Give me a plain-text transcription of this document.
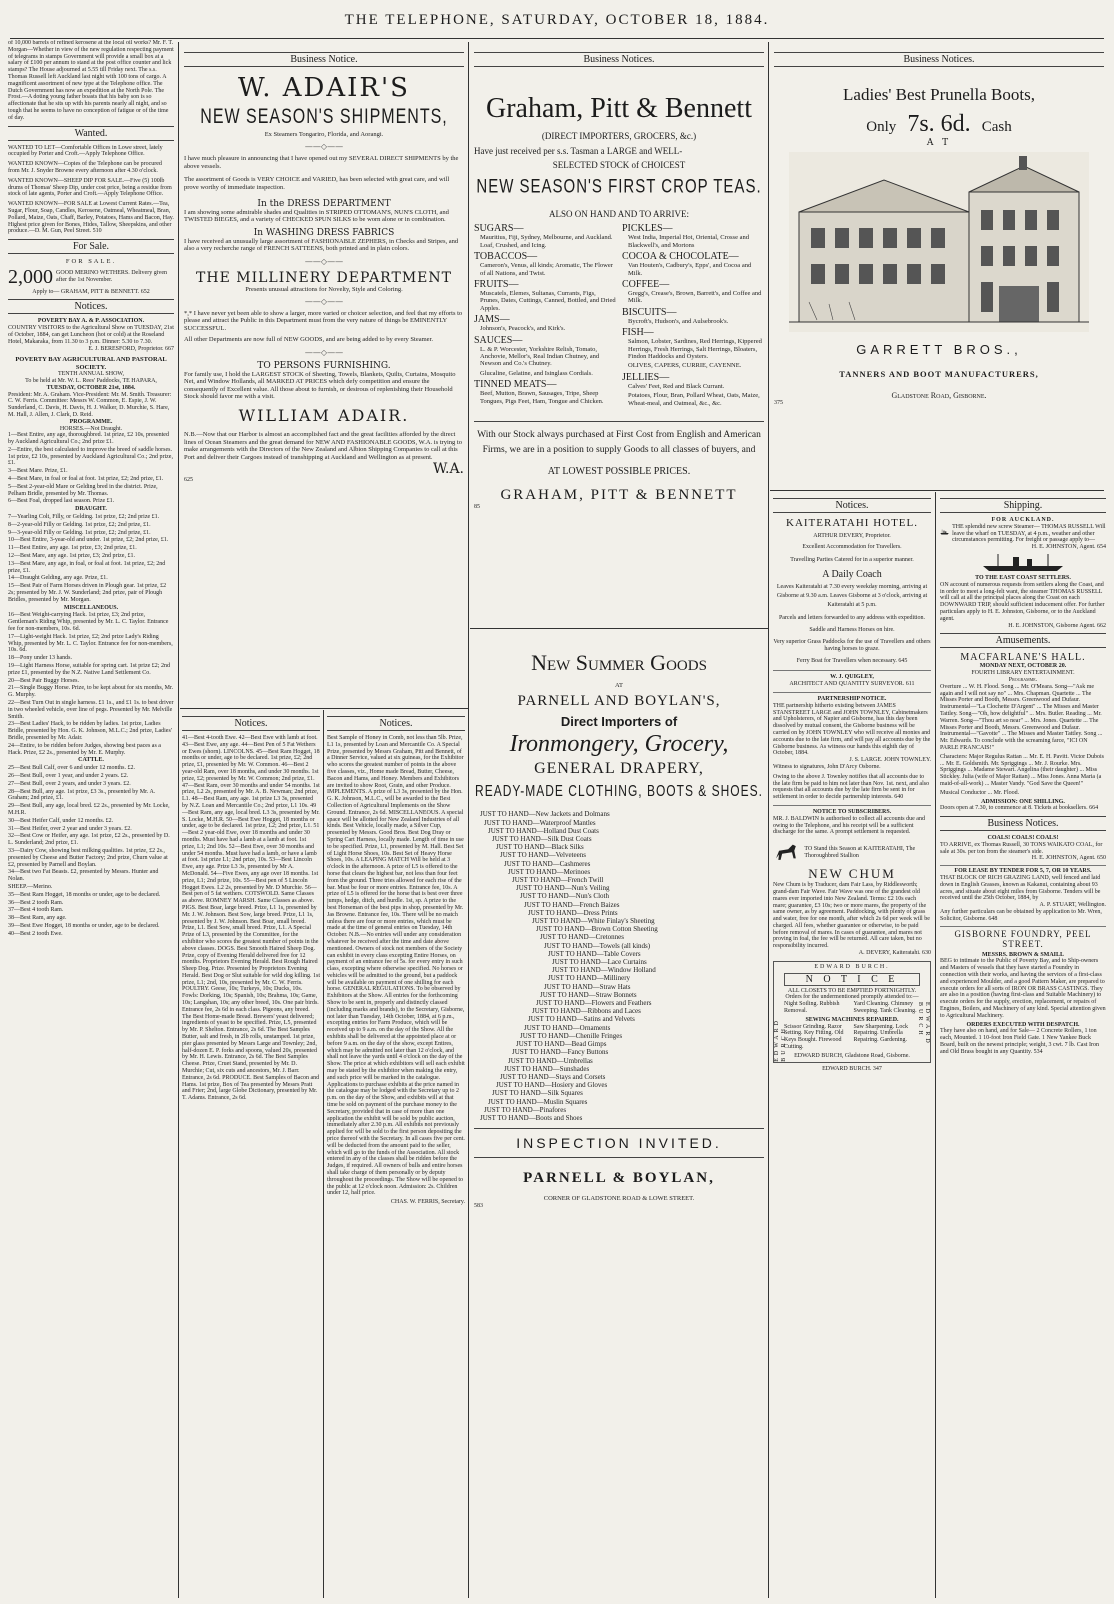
THE TELEPHONE, SATURDAY, OCTOBER 18, 1884.
of 10,000 barrels of refined kerosene at the local oil works? Mr. F. T. Morgan—Whether in view of the new regulation respecting payment of telegrams in stamps Government will provide a small box at a salary of £100 per annum to stand at the post office counter and lick stamps? The House adjourned at 5.55 till Friday next. The s.s. Thomas Russell left Auckland last night with 100 tons of cargo. A magnificent assortment of new type at the Telephone office. The Dutch Government has now an expedition at the North Pole. The Frost.—A doting young father boasts that his baby son is so affectionate that he sits up with his parents nearly all night, and so tough that he seems to have no conception of fatigue or of the time of day.
Wanted.

WANTED TO LET—Comfortable Offices in Lowe street, lately occupied by Porter and Croft.—Apply Telephone Office.

WANTED KNOWN—Copies of the Telephone can be procured from Mr. J. Snyder Browne every afternoon after 4.30 o'clock.

WANTED KNOWN—SHEEP DIP FOR SALE.—Five (5) 100lb drums of Thomas' Sheep Dip, under cost price, being a residue from stock of late agents, Porter and Croft.—Apply Telephone Office.

WANTED KNOWN—FOR SALE at Lowest Current Rates.—Tea, Sugar, Flour, Soap, Candles, Kerosene, Oatmeal, Wheatmeal, Bran, Pollard, Maize, Oats, Chaff, Barley, Potatoes, Hams and Bacon, Hay. Highest price given for Bones, Hides, Tallow, Sheepskins, and other produce.—D. M. Gun, Peel Street. 510

For Sale.
FOR SALE.
2,000 GOOD MERINO WETHERS. Delivery given after the 1st November.
Apply to— GRAHAM, PITT & BENNETT. 652
Notices.
POVERTY BAY A. & P. ASSOCIATION.
COUNTRY VISITORS to the Agricultural Show on TUESDAY, 21st of October, 1884, can get Luncheon (hot or cold) at the Roseland Hotel, Makaraka, from 11.30 to 3 p.m. Dinner: 5.30 to 7.30.
E. J. BERESFORD, Proprietor. 667
POVERTY BAY AGRICULTURAL AND PASTORAL SOCIETY.
TENTH ANNUAL SHOW,
To be held at Mr. W. L. Rees' Paddocks, TE HAPARA,
TUESDAY, OCTOBER 21st, 1884.
President: Mr. A. Graham. Vice-President: Mr. M. Smith. Treasurer: C. W. Ferris. Committee: Messrs W. Common, E. Espie, J. W. Sunderland, C. Davis, H. Davis, H. J. Walker, D. Murchie, S. Hare, M. Hall, J. Allen, J. Clark, D. Reid.
PROGRAMME.
HORSES.—Not Draught.

1—Best Entire, any age, thoroughbred. 1st prize, £2 10s, presented by Auckland Agricultural Co.; 2nd prize £1.

2—Entire, the best calculated to improve the breed of saddle horses. 1st prize, £2 10s, presented by Auckland Agricultural Co.; 2nd prize, £1.

3—Best Mare. Prize, £1.

4—Best Mare, in foal or foal at foot. 1st prize, £2; 2nd prize, £1.

5—Best 2-year-old Mare or Gelding bred in the district. Prize, Pelham Bridle, presented by Mr. Thomas.

6—Best Foal, dropped last season. Prize £1.

DRAUGHT.

7—Yearling Colt, Filly, or Gelding. 1st prize, £2; 2nd prize £1.

8—2-year-old Filly or Gelding. 1st prize, £2; 2nd prize, £1.

9—3-year-old Filly or Gelding. 1st prize, £2; 2nd prize, £1.

10—Best Entire, 3-year-old and under. 1st prize, £2; 2nd prize, £1.

11—Best Entire, any age. 1st prize, £3; 2nd prize, £1.

12—Best Mare, any age. 1st prize, £3; 2nd prize, £1.

13—Best Mare, any age, in foal, or foal at foot. 1st prize, £2; 2nd prize, £1.

14—Draught Gelding, any age. Prize, £1.

15—Best Pair of Farm Horses driven in Plough gear. 1st prize, £2 2s; presented by Mr. J. W. Sunderland; 2nd prize, pair of Plough Bridles, presented by Mr. Morgan.

MISCELLANEOUS.

16—Best Weight-carrying Hack. 1st prize, £3; 2nd prize, Gentleman's Riding Whip, presented by Mr. L. C. Taylor. Entrance fee for non-members, 10s. 6d.

17—Light-weight Hack. 1st prize, £2; 2nd prize Lady's Riding Whip, presented by Mr. L. C. Taylor. Entrance fee for non-members, 10s. 6d.

18—Pony under 13 hands.

19—Light Harness Horse, suitable for spring cart. 1st prize £2; 2nd prize £1, presented by the N.Z. Native Land Settlement Co.

20—Best Pair Buggy Horses.

21—Single Buggy Horse. Prize, to be kept about for six months, Mr. G. Murphy.

22—Best Turn Out in single harness. £1 1s., and £1 1s. to best driver in two wheeled vehicle, over line of pegs. Presented by Mr. Melville Smith.

23—Best Ladies' Hack, to be ridden by ladies. 1st prize, Ladies Bridle, presented by Hon. G. K. Johnson, M.L.C.; 2nd prize, Ladies' Bridle, presented by Mr. Adair.

24—Entire, to be ridden before Judges, showing best paces as a Hack. Prize, £2 2s., presented by Mr. E. Murphy.

CATTLE.

25—Best Bull Calf, over 6 and under 12 months. £2.

26—Best Bull, over 1 year, and under 2 years. £2.

27—Best Bull, over 2 years, and under 3 years. £2.

28—Best Bull, any age. 1st prize, £3 3s., presented by Mr. A. Graham; 2nd prize, £1.

29—Best Bull, any age, local bred. £2 2s., presented by Mr. Locke, M.H.R.

30—Best Heifer Calf, under 12 months. £2.

31—Best Heifer, over 2 year and under 3 years. £2.

32—Best Cow or Heifer, any age. 1st prize, £2 2s., presented by D. L. Sunderland; 2nd prize, £1.

33—Dairy Cow, showing best milking qualities. 1st prize, £2 2s., presented by Cheese and Butter Factory; 2nd prize, Churn value at £2, presented by Parnell and Boylan.

34—Best two Fat Beasts. £2, presented by Messrs. Hunter and Nolan.

SHEEP.—Merino.

35—Best Ram Hogget, 18 months or under, age to be declared.

36—Best 2 tooth Ram.

37—Best 4 tooth Ram.

38—Best Ram, any age.

39—Best Ewe Hogget, 18 months or under, age to be declared.

40—Best 2 tooth Ewe.

Business Notice.
W. ADAIR'S
NEW SEASON'S SHIPMENTS,
Ex Steamers Tongariro, Florida, and Aorangi.
——◇——
I have much pleasure in announcing that I have opened out my SEVERAL DIRECT SHIPMENTS by the above vessels.
The assortment of Goods is VERY CHOICE and VARIED, has been selected with great care, and will prove worthy of immediate inspection.
In the DRESS DEPARTMENT
I am showing some admirable shades and Qualities in STRIPED OTTOMAN'S, NUN'S CLOTH, and TWISTED BIEGES, and a variety of CHECKED SPUN SILKS to be worn alone or in combination.
In WASHING DRESS FABRICS
I have received an unusually large assortment of FASHIONABLE ZEPHERS, in Checks and Stripes, and also a very recherche range of FRENCH SATTEENS, both printed and in plain colors.
——◇——
THE MILLINERY DEPARTMENT
Presents unusual attractions for Novelty, Style and Coloring.
——◇——
*,* I have never yet been able to show a larger, more varied or choicer selection, and feel that my efforts to please and attract the Public in this Department must from the very nature of things be EMINENTLY SUCCESSFUL.
All other Departments are now full of NEW GOODS, and are being added to by every Steamer.
——◇——
TO PERSONS FURNISHING.
For family use, I hold the LARGEST STOCK of Sheeting, Towels, Blankets, Quilts, Curtains, Mosquito Net, and Window Hollands, all MARKED AT PRICES which defy competition and ensure the consequently of Excellent value. All those about to furnish, or desirous of replenishing their Household Stock should favor me with a visit.
WILLIAM ADAIR.
N.B.—Now that our Harbor is almost an accomplished fact and the great facilities afforded by the direct lines of Ocean Steamers and the great demand for NEW AND FASHIONABLE GOODS, W.A. is trying to make arrangements with the Directors of the New Zealand and Albion Shipping Companies to call at this Port and deliver their Cargoes instead of transhipping at Auckland and Wellington as at present.
W.A.
625
Notices.
41—Best 4-tooth Ewe. 42—Best Ewe with lamb at foot. 43—Best Ewe, any age. 44—Best Pen of 5 Fat Wethers or Ewes (shorn). LINCOLNS. 45—Best Ram Hogget, 18 months or under, age to be declared. 1st prize, £2; 2nd prize, £1, presented by Mr. W. Common. 46—Best 2 year-old Ram, over 18 months, and under 30 months. 1st prize, £2; presented by Mr. W. Common; 2nd prize, £1. 47—Best Ram, over 30 months and under 54 months. 1st prize, L2 2s, presented by Mr. A. B. Newman; 2nd prize, L1. 48—Best Ram, any age. 1st prize L3 3s, presented by N.Z. Loan and Mercantile Co.; 2nd prize, L1 10s. 49—Best Ram, any age, local bred. L3 3s, presented by Mr. S. Locke, M.H.R. 50—Best Ewe Hogget, 18 months or under, age to be declared. 1st prize, L2; 2nd prize, L1. 51—Best 2 year-old Ewe, over 18 months and under 30 months. Must have had a lamb at a lamb at foot. 1st prize, L1; 2nd 10s. 52—Best Ewe, over 30 months and under 54 months. Must have had a lamb, or have a lamb at foot. 1st prize L1; 2nd prize, 10s. 53—Best Lincoln Ewe, any age. Prize L3 3s, presented by Mr A. McDonald. 54—Five Ewes, any age over 18 months. 1st prize, L1; 2nd prize, 10s. 55—Best pen of 5 Lincoln Hogget Ewes. L2 2s, presented by Mr. D Murchie. 56—Best pen of 5 fat wethers. COTSWOLD. Same Classes as above. ROMNEY MARSH. Same Classes as above. PIGS. Best Boar, large breed. Prize, L1 1s, presented by Mr. J. W. Johnson. Best Sow, large breed. Prize, L1 1s, presented by J. W. Johnson. Best Boar, small breed. Prize, L1. Best Sow, small breed. Prize, L1. A Special Prize of L3, presented by the Committee, for the exhibitor who scores the greatest number of points in the above classes. DOGS. Best Smooth Haired Sheep Dog. Prize, copy of Evening Herald delivered free for 12 months. Proprietors Evening Herald. Best Rough Haired Sheep Dog. Prize. Presented by Proprietors Evening Herald. Best Dog or Slut suitable for wild dog killing. 1st prize, L1; 2nd, 10s, presented by Mr. C. W. Ferris. POULTRY. Geese, 10s; Turkeys, 10s; Ducks, 10s. Fowls: Dorking, 10s; Spanish, 10s; Brahma, 10s; Game, 10s; Langshan, 10s; any other breed, 10s. One pair birds. Entrance fee, 2s 6d in each class. Pigeons, any breed. The Best Home-made Bread. Brewers' yeast delivered; ingredients of yeast to be specified. Prize, L5, presented by Mr. P. Shelton. Entrance, 2s 6d. The Best Samples Butter, salt and fresh, in 2lb rolls, unstamped. 1st prize, pier glass presented by Messrs Large and Townley; 2nd, half-dozen E. P. forks and spoons, valued 20s, presented by Mr. H. Lewis. Entrance, 2s 6d. The Best Samples Cheese. Prize, Cruet Stand, presented by Mr. D. Murchie; Cut, six cuts and ancestors, Mr. J. Barr. Entrance, 2s 6d. PRODUCE. Best Samples of Bacon and Hams. 1st prize, Box of Tea presented by Messrs Pratt and Frier; 2nd, large Globe Dictionary, presented by Mr. T. Adams. Entrance, 2s 6d.
Notices.
Best Sample of Honey in Comb, not less than 5lb. Prize, L1 1s, presented by Loan and Mercantile Co. A Special Prize, presented by Messrs Graham, Pitt and Bennett, of a Dinner Service, valued at six guineas, for the Exhibitor who scores the greatest number of points in the above five classes, viz., Home made Bread, Butter, Cheese, Bacon and Hams, and Honey. Members and Exhibitors are invited to show Root, Grain, and other Produce. IMPLEMENTS. A prize of L3 3s, presented by the Hon. G. K. Johnson, M.L.C., will be awarded to the Best Collection of Agricultural Implements on the Show Ground. Entrance, 2s 6d. MISCELLANEOUS. A special space will be allotted for New Zealand Industries of all kinds. Best Vehicle, locally made, a Silver Cup, presented by Messrs. Good Bros. Best Dog Dray or Spring Cart Harness, locally made. Length of time in use to be specified. Prize, L1, presented by M. Hall. Best Set of Light Horse Shoes, 10s. Best Set of Heavy Horse Shoes, 10s. A LEAPING MATCH Will be held at 3 o'clock in the afternoon. A prize of L5 is offered to the horse that clears the highest bar, not less than four feet from the ground. Three tries allowed for each rise of the bar. Must be four or more entries. Entrance fee, 10s. A prize of L5 is offered for the horse that is best over three jumps, hedge, ditch, and hurdle. 1st, sp. A prize to the best Horseman of the best pips in shop, presented by Mr. Jas Browne. Entrance fee, 10s. There will be no match unless there are four or more entries, which must be made at the time of general entries on Tuesday, 14th October. N.B.—No entries will under any consideration whatever be received after the time and date above mentioned. Owners of stock not members of the Society can exhibit in every class excepting Entire Horses, on payment of an entrance fee of 5s. for every entry in such class, excepting where otherwise specified. No horses or vehicles will be admitted to the ground, but a paddock will be available on payment of one shilling for each horse. GENERAL REGULATIONS. To be observed by Exhibitors at the Show. All entries for the forthcoming Show to be sent in, properly and distinctly classed (including marks and brands), to the Secretary, Gisborne, not later than Tuesday, 14th October, 1884, at 6 p.m., excepting entries for Farm Produce, which will be received up to 9 a.m. on the day of the Show. All the exhibits shall be delivered at the appointed place at or before 9 a.m. on the day of the show, except Entires, which may be admitted not later than 12 o'clock, and shall not leave the yards until 4 o'clock on the day of the Show. The price at which exhibitors will sell each exhibit may be stated by the exhibitor when making the entry, and such price will be marked in the catalogue. Applications to purchase exhibits at the price named in the catalogue may be lodged with the Secretary up to 2 p.m. on the day of the Show, and exhibits will at that time be sold on payment of the purchase money to the Secretary, provided that in case of more than one application the exhibit will be sold by public auction, immediately after 2.30 p.m. All exhibits not previously applied for will be sold to the first person depositing the price thereof with the Secretary. In all cases five per cent. will be deducted from the amount paid to the seller, which will go to the funds of the Association. All stock entered in any of the classes shall be ridden before the Judges, if required. All owners of bulls and entire horses shall take charge of them personally or by deputy throughout the proceedings. The Show will be opened to the public at 12 o'clock noon. Admission: 2s. Children under 12, half price.
CHAS. W. FERRIS, Secretary.
Business Notices.
Graham, Pitt & Bennett
(DIRECT IMPORTERS, GROCERS, &c.)
Have just received per s.s. Tasman a LARGE and WELL-
SELECTED STOCK of CHOICEST
NEW SEASON'S FIRST CROP TEAS.
ALSO ON HAND AND TO ARRIVE:
SUGARS—
Mauritius, Fiji, Sydney, Melbourne, and Auckland. Loaf, Crushed, and Icing.
TOBACCOS—
Cameron's, Venus, all kinds; Aromatic, The Flower of all Nations, and Twist.
FRUITS—
Muscatels, Elemes, Sultanas, Currants, Figs, Prunes, Dates, Cuttings, Canned, Bottled, and Dried Apples.
JAMS—
Johnson's, Peacock's, and Kirk's.
SAUCES—
L. & P. Worcester, Yorkshire Relish, Tomato, Anchovie, Mellor's, Real Indian Chutney, and Newson and Co.'s Chutney.
Glucaline, Gelatine, and Isinglass Cordials.
TINNED MEATS—
Beef, Mutton, Brawn, Sausages, Tripe, Sheep Tongues, Pigs Feet, Ham, Tongue and Chicken.
PICKLES—
West India, Imperial Hot, Oriental, Crosse and Blackwell's, and Mortons
COCOA & CHOCOLATE—
Van Houten's, Cadbury's, Epps', and Cocoa and Milk.
COFFEE—
Gregg's, Crease's, Brown, Barrett's, and Coffee and Milk.
BISCUITS—
Bycroft's, Hudson's, and Aulsebrook's.
FISH—
Salmon, Lobster, Sardines, Red Herrings, Kippered Herrings, Fresh Herrings, Salt Herrings, Bloaters, Findon Haddocks and Oysters.
OLIVES, CAPERS, CURRIE, CAYENNE.
JELLIES—
Calves' Feet, Red and Black Currant.
Potatoes, Flour, Bran, Pollard Wheat, Oats, Maize, Wheat-meal, and Oatmeal, &c., &c.
With our Stock always purchased at First Cost from English and American Firms, we are in a position to supply Goods to all classes of buyers, and
AT LOWEST POSSIBLE PRICES.
GRAHAM, PITT & BENNETT
85
New Summer Goods
AT
PARNELL AND BOYLAN'S,
Direct Importers of
Ironmongery, Grocery,
GENERAL DRAPERY,
READY-MADE CLOTHING, BOOTS & SHOES.
JUST TO HAND—New Jackets and Dolmans
JUST TO HAND—Waterproof Mantles
JUST TO HAND—Holland Dust Coats
JUST TO HAND—Silk Dust Coats
JUST TO HAND—Black Silks
JUST TO HAND—Velveteens
JUST TO HAND—Cashmeres
JUST TO HAND—Merinoes
JUST TO HAND—French Twill
JUST TO HAND—Nun's Veiling
JUST TO HAND—Nun's Cloth
JUST TO HAND—French Baizes
JUST TO HAND—Dress Prints
JUST TO HAND—White Finlay's Sheeting
JUST TO HAND—Brown Cotton Sheeting
JUST TO HAND—Cretonnes
JUST TO HAND—Towels (all kinds)
JUST TO HAND—Table Covers
JUST TO HAND—Lace Curtains
JUST TO HAND—Window Holland
JUST TO HAND—Millinery
JUST TO HAND—Straw Hats
JUST TO HAND—Straw Bonnets
JUST TO HAND—Flowers and Feathers
JUST TO HAND—Ribbons and Laces
JUST TO HAND—Satins and Velvets
JUST TO HAND—Ornaments
JUST TO HAND—Chenille Fringes
JUST TO HAND—Bead Gimps
JUST TO HAND—Fancy Buttons
JUST TO HAND—Umbrellas
JUST TO HAND—Sunshades
JUST TO HAND—Stays and Corsets
JUST TO HAND—Hosiery and Gloves
JUST TO HAND—Silk Squares
JUST TO HAND—Muslin Squares
JUST TO HAND—Pinafores
JUST TO HAND—Boots and Shoes
INSPECTION INVITED.
PARNELL & BOYLAN,
CORNER OF GLADSTONE ROAD & LOWE STREET.
583
Business Notices.
Ladies' Best Prunella Boots,
Only 7s. 6d. Cash
A T
GARRETT BROS.,
TANNERS AND BOOT MANUFACTURERS,
Gladstone Road, Gisborne.
375
Notices.
KAITERATAHI HOTEL.
ARTHUR DEVERY, Proprietor.
Excellent Accommodation for Travellers.
Travelling Parties Catered for in a superior manner.
A Daily Coach
Leaves Kaiteratahi at 7.30 every weekday morning, arriving at Gisborne at 9.30 a.m. Leaves Gisborne at 3 o'clock, arriving at Kaiteratahi at 5 p.m.
Parcels and letters forwarded to any address with expedition.
Saddle and Harness Horses on hire.
Very superior Grass Paddocks for the use of Travellers and others having horses to graze.
Ferry Boat for Travellers when necessary. 645
W. J. QUIGLEY,
ARCHITECT AND QUANTITY SURVEYOR. 611
PARTNERSHIP NOTICE.
THE partnership hitherto existing between JAMES STANSTREET LARGE and JOHN TOWNLEY, Cabinetmakers and Upholsterers, of Napier and Gisborne, has this day been dissolved by mutual consent, the Gisborne business will be carried on by JOHN TOWNLEY who will receive all monies and accounts due to the late firm, and will pay all accounts due by the Gisborne business. As witness our hands this eighth day of October, 1884.
J. S. LARGE. JOHN TOWNLEY.
Witness to signatures, John D'Arcy Osborne.
Owing to the above J. Townley notifies that all accounts due to the late firm be paid to him not later than Nov. 1st. next, and also requests that all accounts due by the late firm be sent in for settlement in order to decide partnership interests. 640
NOTICE TO SUBSCRIBERS.
MR. J. BALDWIN is authorised to collect all accounts due and owing to the Telephone, and his receipt will be a sufficient discharge for the same. A prompt settlement is requested.
TO Stand this Season at KAITERATAHI, The Thoroughbred Stallion
NEW CHUM
New Chum is by Traducer, dam Fair Lass, by Riddlesworth; grand-dam Fair Wave. Fair Wave was one of the grandest old mares ever imported into New Zealand. Terms: £2 10s each mare; guarantee, £3 10s; two or more mares, the property of the same owner, as by agreement. Paddocking, with plenty of grass and water, free for one month, after which 2s 6d per week will be charged. All fees, whether guarantee or otherwise, to be paid before removal of mares. In cases of guarantee, and mares not proving in foal, the fee will be returned. All care taken, but no responsibility incurred.
A. DEVERY, Kaiteratahi. 630
EDWARD BURCH.
N O T I C E
ALL CLOSETS TO BE EMPTIED FORTNIGHTLY.
Orders for the undermentioned promptly attended to:—
Night Soiling. Rubbish Removal.
Yard Cleaning. Chimney Sweeping. Tank Cleaning.
SEWING MACHINES REPAIRED.
Scissor Grinding. Razor Setting. Key Fitting. Old Keys Bought. Firewood Cutting.
Saw Sharpening. Lock Repairing. Umbrella Repairing. Gardening.
EDWARD BURCH, Gladstone Road, Gisborne.
EDWARD BURCH	EDWARD BURCH
EDWARD BURCH. 347
Shipping.
FOR AUCKLAND.
THE splendid new screw Steamer— THOMAS RUSSELL Will leave the wharf on TUESDAY, at 4 p.m., weather and other circumstances permitting. For freight or passage apply to—
H. E. JOHNSTON, Agent. 654
TO THE EAST COAST SETTLERS.
ON account of numerous requests from settlers along the Coast, and in order to meet a long-felt want, the steamer THOMAS RUSSELL will call at all the principal places along the Coast on each DOWNWARD TRIP, should sufficient inducement offer. For further particulars apply to H. E. Johnston, Gisborne, or to the Auckland agent.
H. E. JOHNSTON, Gisborne Agent. 662
Amusements.
MACFARLANE'S HALL.
MONDAY NEXT, OCTOBER 20.
FOURTH LIBRARY ENTERTAINMENT.
Programme.
Overture ... W. H. Flood. Song ... Mr. O'Meara. Song—"Ask me again and I will not say no" ... Mrs. Chapman. Quartette ... The Misses Porter and Booth, Messrs. Greenwood and Dufaur. Instrumental—"La Clochette D'Argent" ... The Misses and Master Tattley. Song—"Oh, how delightful" ... Mrs. Butler. Reading ... Mr. Warren. Song—"Thou art so near" ... Mrs. Jones. Quartette ... The Misses Porter and Booth, Messrs. Greenwood and Dufaur. Instrumental—"Gavotte" ... The Misses and Master Tattley. Song ... Mr. Edwards. To conclude with the screaming farce, "ICI ON PARLE FRANCAIS!"
Characters: Major Regulus Rattan ... Mr. E. H. Pavitt. Victor Dubois ... Mr. E. Goldsmith. Mr. Spriggings ... Mr. J. Rourke. Mrs. Spriggings ... Madame Stewart. Angelina (their daughter) ... Miss Stickley. Julia (wife of Major Rattan) ... Miss Jones. Anna Maria (a maid-of-all-work) ... Master Vandy. "God Save the Queen!"
Musical Conductor ... Mr. Flood.
ADMISSION: ONE SHILLING.
Doors open at 7.30, to commence at 8. Tickets at booksellers. 664
Business Notices.
COALS! COALS! COALS!
TO ARRIVE, ex Thomas Russell, 30 TONS WAIKATO COAL, for sale at 30s. per ton from the steamer's side.
H. E. JOHNSTON, Agent. 650
FOR LEASE BY TENDER FOR 5, 7, OR 10 YEARS.
THAT BLOCK OF RICH GRAZING LAND, well fenced and laid down in English Grasses, known as Kakanui, containing about 93 acres, and situate about eight miles from Gisborne. Tenders will be received until the 25th October, 1884, by
A. P. STUART, Wellington.
Any further particulars can be obtained by application to Mr. Wren, Solicitor, Gisborne. 648
GISBORNE FOUNDRY, PEEL STREET.
MESSRS. BROWN & SMAILL
BEG to intimate to the Public of Poverty Bay, and to Ship-owners and Masters of vessels that they have started a Foundry in connection with their works, and having the services of a first-class and experienced Moulder, and a good Pattern Maker, are prepared to execute orders for all sorts of IRON OR BRASS CASTINGS. They are also in a position (having first-class and Suitable Machinery) to execute orders for the supply, erection, replacement, or repairs of Engines, Boilers, and Machinery of any kind. Special attention given to Agricultural Machinery.
ORDERS EXECUTED WITH DESPATCH.
They have also on hand, and for Sale— 2 Concrete Rollers, 1 ton each, Mounted. 1 10-foot Iron Field Gate. 1 New Yankee Buck Board, built on the newest principle; weight, 3 cwt. 7 lb. Cast Iron and Old Brass bought in any Quantity. 534
